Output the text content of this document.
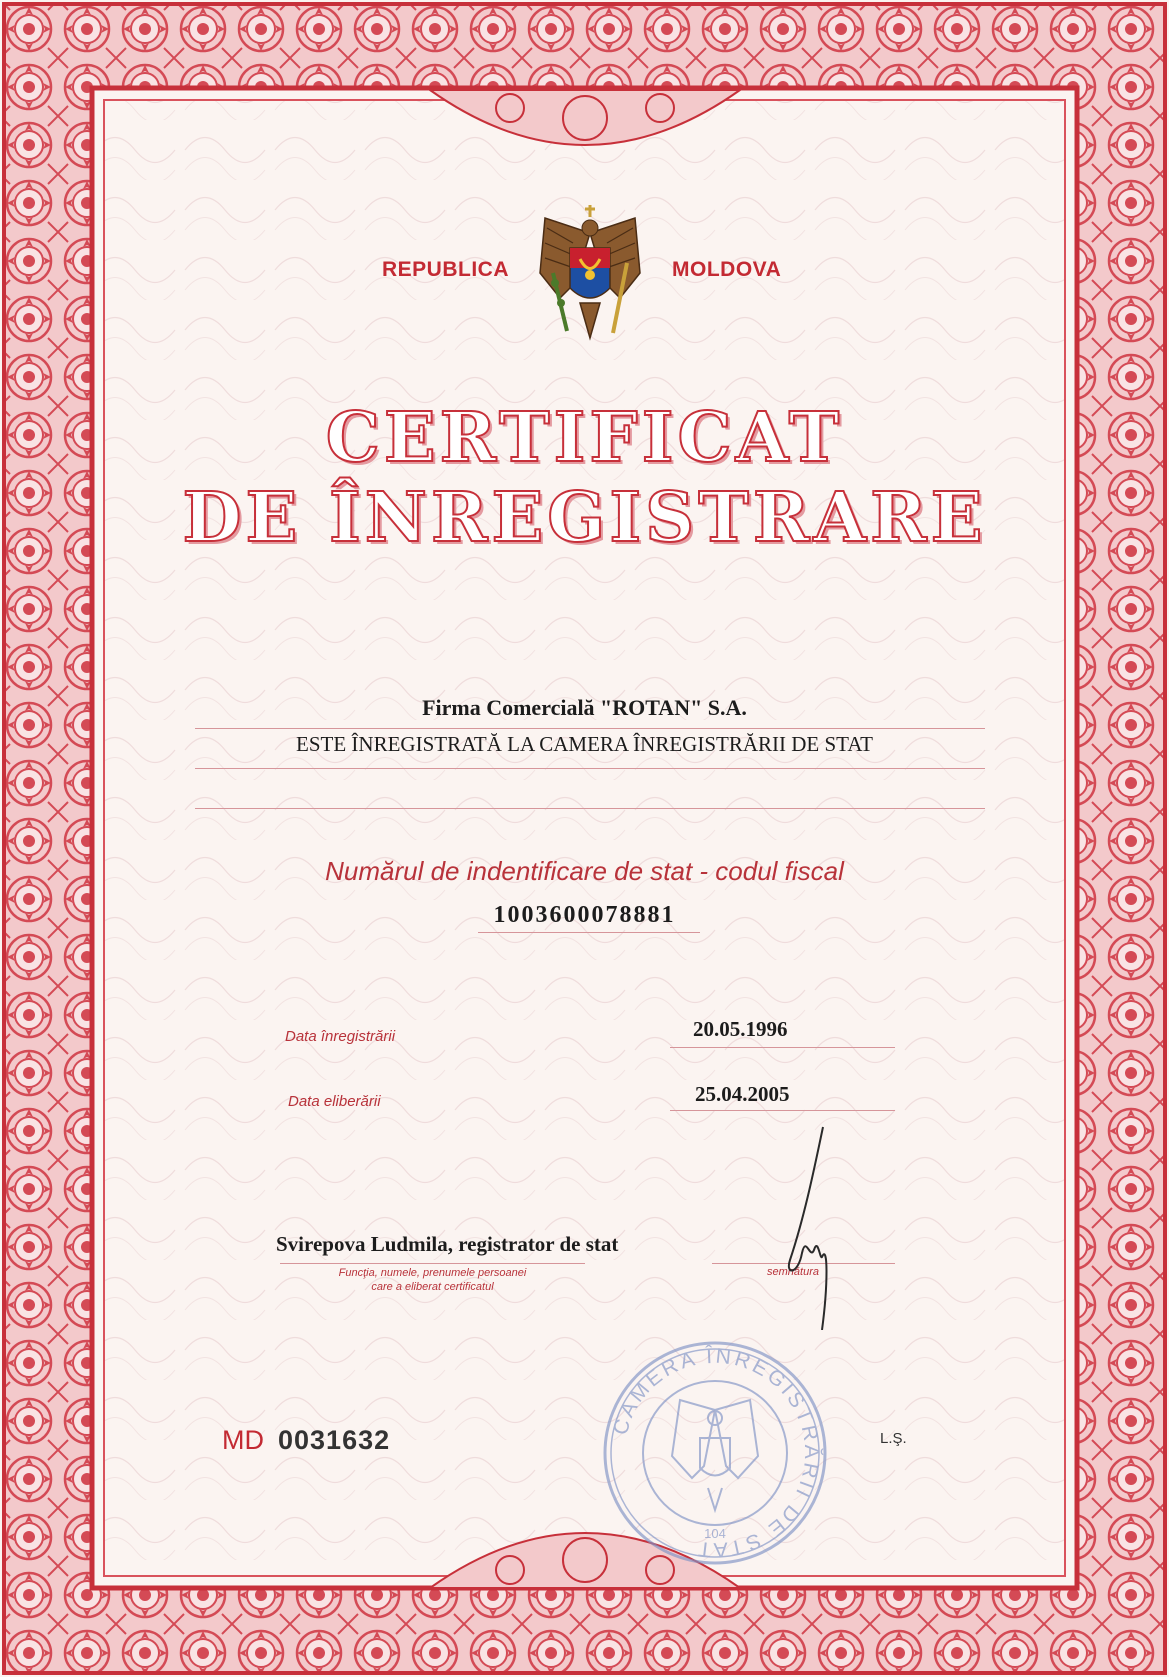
REPUBLICA	MOLDOVA
CERTIFICAT
DE ÎNREGISTRARE
Firma Comercială "ROTAN" S.A.
ESTE ÎNREGISTRATĂ LA CAMERA ÎNREGISTRĂRII DE STAT
Numărul de indentificare de stat - codul fiscal
1003600078881
Data înregistrării	20.05.1996
Data eliberării	25.04.2005
Svirepova Ludmila, registrator de stat
Funcţia, numele, prenumele persoanei
care a eliberat certificatul
semnătura
MD 0031632	CAMERA ÎNREGISTRĂRII DE STAT
104
L.Ş.
